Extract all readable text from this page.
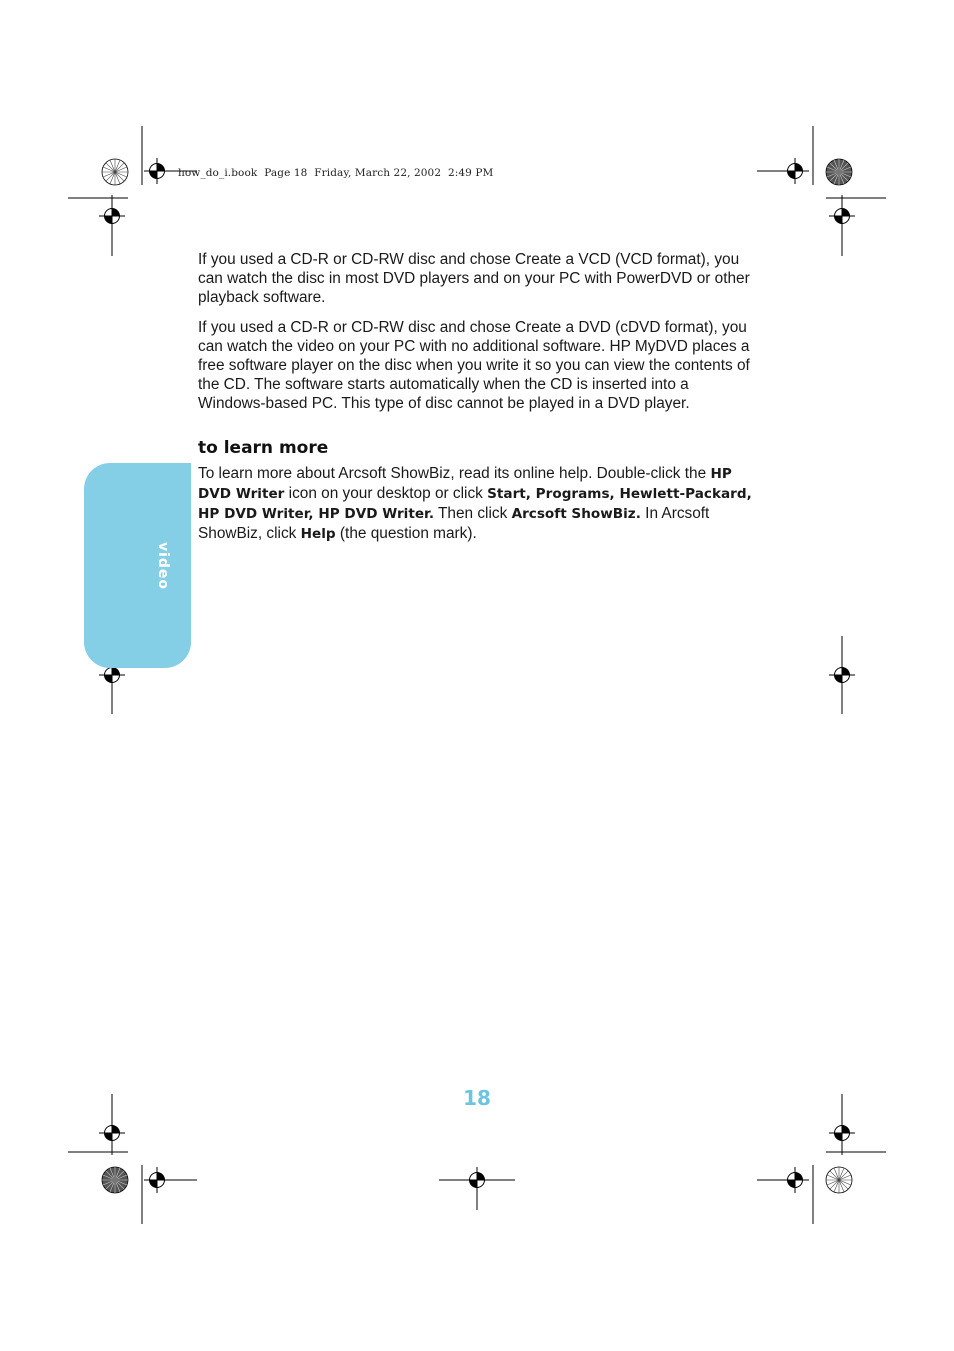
how_do_i.book  Page 18  Friday, March 22, 2002  2:49 PM
video

If you used a CD-R or CD-RW disc and chose Create a VCD (VCD format), you can watch the disc in most DVD players and on your PC with PowerDVD or other playback software.

If you used a CD-R or CD-RW disc and chose Create a DVD (cDVD format), you can watch the video on your PC with no additional software. HP MyDVD places a free software player on the disc when you write it so you can view the contents of the CD. The software starts automatically when the CD is inserted into a Windows-based PC. This type of disc cannot be played in a DVD player.

to learn more

To learn more about Arcsoft ShowBiz, read its online help. Double-click the HP DVD Writer icon on your desktop or click Start, Programs, Hewlett-Packard, HP DVD Writer, HP DVD Writer. Then click Arcsoft ShowBiz. In Arcsoft ShowBiz, click Help (the question mark).

18
